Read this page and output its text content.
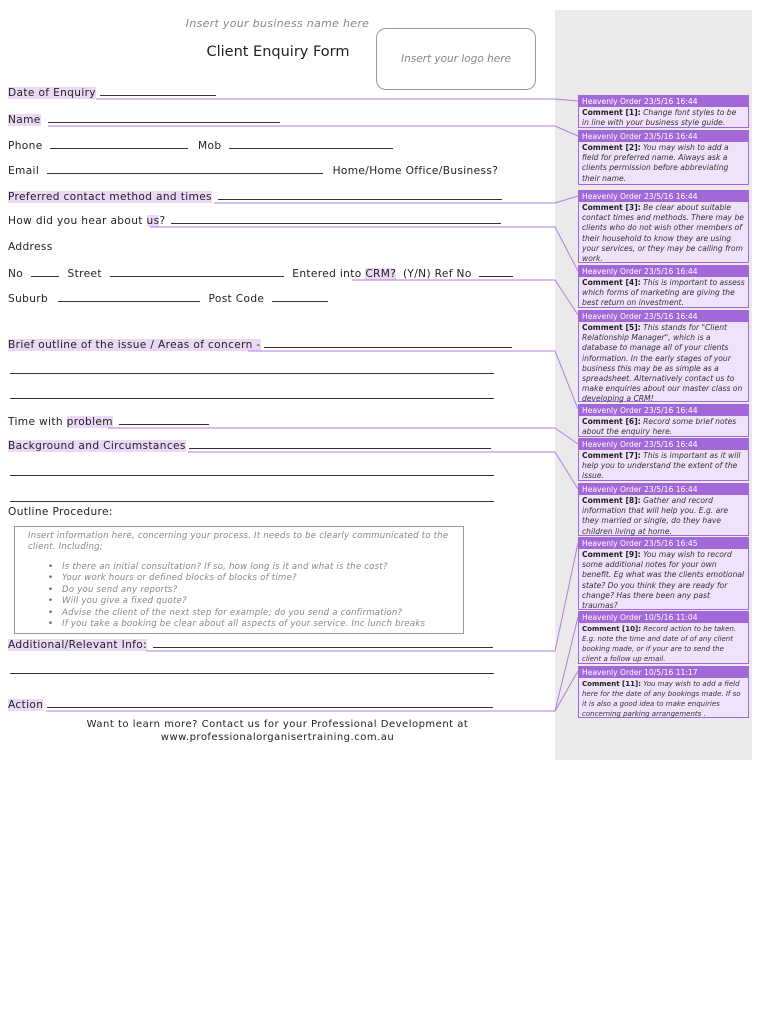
Insert your business name here
Client Enquiry Form	Insert your logo here
Date of Enquiry
Name
Phone	Mob
Email	Home/Home Office/Business?
Preferred contact method and times
How did you hear about us?
Address
No	Street	Entered into CRM? (Y/N) Ref No
Suburb	Post Code
Brief outline of the issue / Areas of concern -
Time with problem
Background and Circumstances
Outline Procedure:
Insert information here, concerning your process. It needs to be clearly communicated to the client. Including;
• Is there an initial consultation? If so, how long is it and what is the cost?
• Your work hours or defined blocks of blocks of time?
• Do you send any reports?
• Will you give a fixed quote?
• Advise the client of the next step for example; do you send a confirmation?
• If you take a booking be clear about all aspects of your service. Inc lunch breaks
Additional/Relevant Info:
Action
Want to learn more? Contact us for your Professional Development at
www.professionalorganisertraining.com.au
Heavenly Order 23/5/16 16:44
Comment [1]: Change font styles to be in line with your business style guide.
Heavenly Order 23/5/16 16:44
Comment [2]: You may wish to add a field for preferred name. Always ask a clients permission before abbreviating their name.
Heavenly Order 23/5/16 16:44
Comment [3]: Be clear about suitable contact times and methods. There may be clients who do not wish other members of their household to know they are using your services, or they may be calling from work.
Heavenly Order 23/5/16 16:44
Comment [4]: This is important to assess which forms of marketing are giving the best return on investment.
Heavenly Order 23/5/16 16:44
Comment [5]: This stands for "Client Relationship Manager", which is a database to manage all of your clients information. In the early stages of your business this may be as simple as a spreadsheet. Alternatively contact us to make enquiries about our master class on developing a CRM!
Heavenly Order 23/5/16 16:44
Comment [6]: Record some brief notes about the enquiry here.
Heavenly Order 23/5/16 16:44
Comment [7]: This is important as it will help you to understand the extent of the issue.
Heavenly Order 23/5/16 16:44
Comment [8]: Gather and record information that will help you. E.g. are they married or single, do they have children living at home.
Heavenly Order 23/5/16 16:45
Comment [9]: You may wish to record some additional notes for your own benefit. Eg what was the clients emotional state? Do you think they are ready for change? Has there been any past traumas?
Heavenly Order 10/5/16 11:04
Comment [10]: Record action to be taken. E.g. note the time and date of of any client booking made, or if your are to send the client a follow up email.
Heavenly Order 10/5/16 11:17
Comment [11]: You may wish to add a field here for the date of any bookings made. If so it is also a good idea to make enquiries concerning parking arrangements .
